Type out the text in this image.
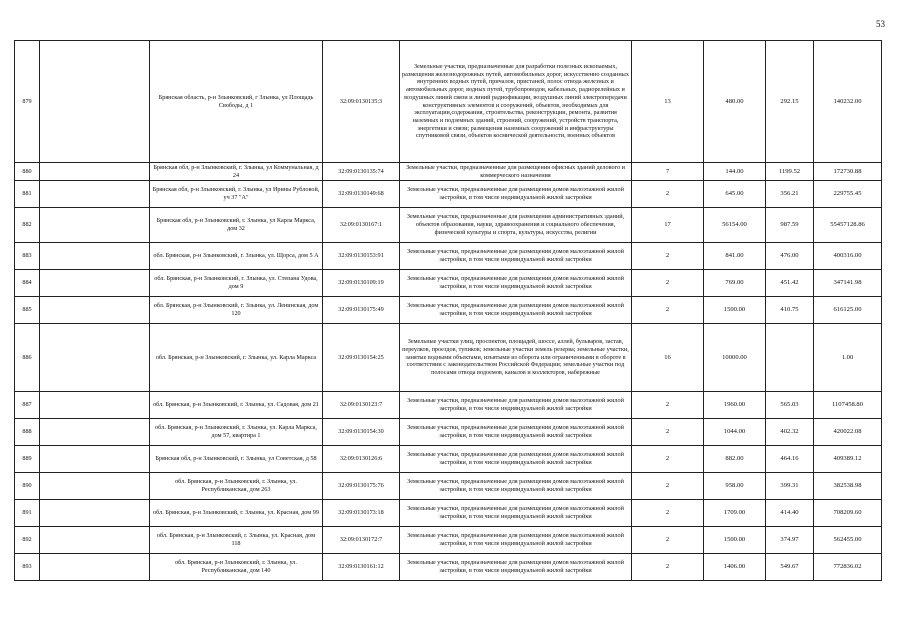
53
879		Брянская область, р-н Злынковский, г Злынка, ул Площадь Свободы, д 1	32:09:0130135:3	Земельные участки, предназначенные для разработки полезных ископаемых, размещения железнодорожных путей, автомобильных дорог, искусственно созданных внутренних водных путей, причалов, пристаней, полос отвода железных и автомобильных дорог, водных путей, трубопроводов, кабельных, радиорелейных и воздушных линий связи и линий радиофикации, воздушных линий электропередачи конструктивных элементов и сооружений, объектов, необходимых для эксплуатации,содержания, строительства, реконструкции, ремонта, развития наземных и подземных зданий, строений, сооружений, устройств транспорта, энергетики и связи; размещения наземных сооружений и инфраструктуры спутниковой связи, объектов космической деятельности, военных объектов	13	480.00	292.15	140232.00
880		Брянская обл, р-н Злынковский, г. Злынка, ул Коммунальная, д 24	32:09:0130135:74	Земельные участки, предназначенные для размещения офисных зданий делового и коммерческого назначения	7	144.00	1199.52	172730.88
881		Брянская обл, р-н Злынковский, г. Злынка, ул Ирины Рубловой, уч 37 "А"	32:09:0130149:68	Земельные участки, предназначенные для размещения домов малоэтажной жилой застройки, в том числе индивидуальной жилой застройки	2	645.00	356.21	229755.45
882		Брянская обл, р-н Злынковский, г. Злынка, ул Карла Маркса, дом 32	32:09:0130167:1	Земельные участки, предназначенные для размещения административных зданий, объектов образования, науки, здравоохранения и социального обеспечения, физической культуры и спорта, культуры, искусства, религии	17	56154.00	987.59	55457128.86
883		обл. Брянская, р-н Злынковский, г. Злынка, ул. Щорса, дом 5 А	32:09:0130153:91	Земельные участки, предназначенные для размещения домов малоэтажной жилой застройки, в том числе индивидуальной жилой застройки	2	841.00	476.00	400316.00
884		обл. Брянская, р-н Злынковский, г. Злынка, ул. Степана Удова, дом 9	32:09:0130109:19	Земельные участки, предназначенные для размещения домов малоэтажной жилой застройки, в том числе индивидуальной жилой застройки	2	769.00	451.42	347141.98
885		обл. Брянская, р-н Злынковский, г. Злынка, ул. Ленинская, дом 120	32:09:0130175:49	Земельные участки, предназначенные для размещения домов малоэтажной жилой застройки, в том числе индивидуальной жилой застройки	2	1500.00	410.75	616125.00
886		обл. Брянская, р-н Злынковский, г. Злынка, ул. Карла Маркса	32:09:0130154:25	Земельные участки улиц, проспектов, площадей, шоссе, аллей, бульваров, застав, переулков, проездов, тупиков; земельные участки земель резерва; земельные участки, занятые водными объектами, изъятыми из оборота или ограниченными в обороте в соответствии с законодательством Российской Федерации; земельные участки под полосами отвода водоемов, каналов и коллекторов, набережные	16	10000.00		1.00
887		обл. Брянская, р-н Злынковский, г. Злынка, ул. Садовая, дом 21	32:09:0130123:7	Земельные участки, предназначенные для размещения домов малоэтажной жилой застройки, в том числе индивидуальной жилой застройки	2	1960.00	565.03	1107458.80
888		обл. Брянская, р-н Злынковский, г. Злынка, ул. Карла Маркса, дом 57, квартира 1	32:09:0130154:30	Земельные участки, предназначенные для размещения домов малоэтажной жилой застройки, в том числе индивидуальной жилой застройки	2	1044.00	402.32	420022.08
889		Брянская обл, р-н Злынковский, г. Злынка, ул Советская, д 58	32:09:0130126:6	Земельные участки, предназначенные для размещения домов малоэтажной жилой застройки, в том числе индивидуальной жилой застройки	2	882.00	464.16	409389.12
890		обл. Брянская, р-н Злынковский, г. Злынка, ул. Республиканская, дом 263	32:09:0130175:76	Земельные участки, предназначенные для размещения домов малоэтажной жилой застройки, в том числе индивидуальной жилой застройки	2	958.00	399.31	382538.98
891		обл. Брянская, р-н Злынковский, г. Злынка, ул. Красная, дом 99	32:09:0130173:18	Земельные участки, предназначенные для размещения домов малоэтажной жилой застройки, в том числе индивидуальной жилой застройки	2	1709.00	414.40	708209.60
892		обл. Брянская, р-н Злынковский, г. Злынка, ул. Красная, дом 118	32:09:0130172:7	Земельные участки, предназначенные для размещения домов малоэтажной жилой застройки, в том числе индивидуальной жилой застройки	2	1500.00	374.97	562455.00
893		обл. Брянская, р-н Злынковский, г. Злынка, ул. Республиканская, дом 140	32:09:0130161:12	Земельные участки, предназначенные для размещения домов малоэтажной жилой застройки, в том числе индивидуальной жилой застройки	2	1406.00	549.67	772836.02
